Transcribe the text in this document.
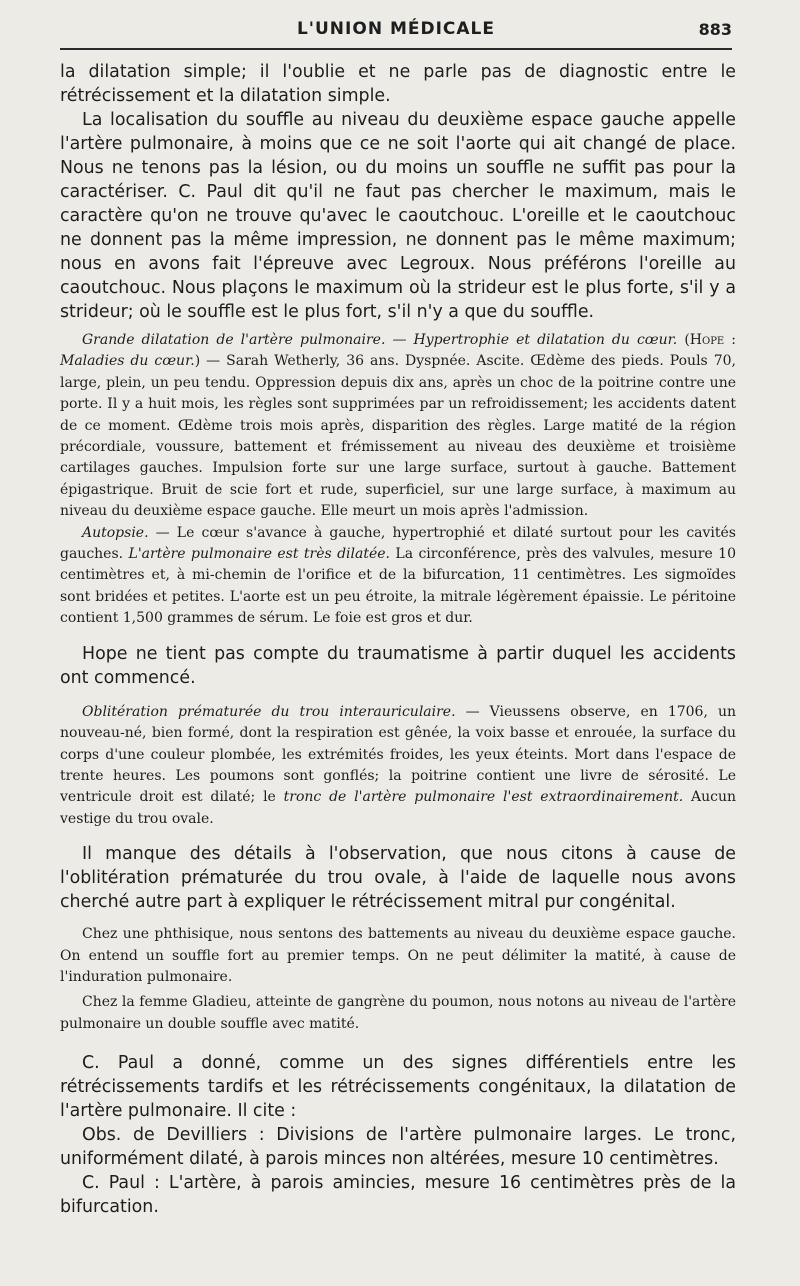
L'UNION MÉDICALE	883

la dilatation simple; il l'oublie et ne parle pas de diagnostic entre le rétrécissement et la dilatation simple.

La localisation du souffle au niveau du deuxième espace gauche appelle l'artère pulmonaire, à moins que ce ne soit l'aorte qui ait changé de place. Nous ne tenons pas la lésion, ou du moins un souffle ne suffit pas pour la caractériser. C. Paul dit qu'il ne faut pas chercher le maximum, mais le caractère qu'on ne trouve qu'avec le caoutchouc. L'oreille et le caoutchouc ne donnent pas la même impression, ne donnent pas le même maximum; nous en avons fait l'épreuve avec Legroux. Nous préférons l'oreille au caoutchouc. Nous plaçons le maximum où la strideur est le plus forte, s'il y a strideur; où le souffle est le plus fort, s'il n'y a que du souffle.

Grande dilatation de l'artère pulmonaire. — Hypertrophie et dilatation du cœur. (Hope : Maladies du cœur.) — Sarah Wetherly, 36 ans. Dyspnée. Ascite. Œdème des pieds. Pouls 70, large, plein, un peu tendu. Oppression depuis dix ans, après un choc de la poitrine contre une porte. Il y a huit mois, les règles sont supprimées par un refroidissement; les accidents datent de ce moment. Œdème trois mois après, disparition des règles. Large matité de la région précordiale, voussure, battement et frémissement au niveau des deuxième et troisième cartilages gauches. Impulsion forte sur une large surface, surtout à gauche. Battement épigastrique. Bruit de scie fort et rude, superficiel, sur une large surface, à maximum au niveau du deuxième espace gauche. Elle meurt un mois après l'admission.

Autopsie. — Le cœur s'avance à gauche, hypertrophié et dilaté surtout pour les cavités gauches. L'artère pulmonaire est très dilatée. La circonférence, près des valvules, mesure 10 centimètres et, à mi-chemin de l'orifice et de la bifurcation, 11 centimètres. Les sigmoïdes sont bridées et petites. L'aorte est un peu étroite, la mitrale légèrement épaissie. Le péritoine contient 1,500 grammes de sérum. Le foie est gros et dur.

Hope ne tient pas compte du traumatisme à partir duquel les accidents ont commencé.

Oblitération prématurée du trou interauriculaire. — Vieussens observe, en 1706, un nouveau-né, bien formé, dont la respiration est gênée, la voix basse et enrouée, la surface du corps d'une couleur plombée, les extrémités froides, les yeux éteints. Mort dans l'espace de trente heures. Les poumons sont gonflés; la poitrine contient une livre de sérosité. Le ventricule droit est dilaté; le tronc de l'artère pulmonaire l'est extraordinairement. Aucun vestige du trou ovale.

Il manque des détails à l'observation, que nous citons à cause de l'oblitération prématurée du trou ovale, à l'aide de laquelle nous avons cherché autre part à expliquer le rétrécissement mitral pur congénital.

Chez une phthisique, nous sentons des battements au niveau du deuxième espace gauche. On entend un souffle fort au premier temps. On ne peut délimiter la matité, à cause de l'induration pulmonaire.

Chez la femme Gladieu, atteinte de gangrène du poumon, nous notons au niveau de l'artère pulmonaire un double souffle avec matité.

C. Paul a donné, comme un des signes différentiels entre les rétrécissements tardifs et les rétrécissements congénitaux, la dilatation de l'artère pulmonaire. Il cite :

Obs. de Devilliers : Divisions de l'artère pulmonaire larges. Le tronc, uniformément dilaté, à parois minces non altérées, mesure 10 centimètres.

C. Paul : L'artère, à parois amincies, mesure 16 centimètres près de la bifurcation.
